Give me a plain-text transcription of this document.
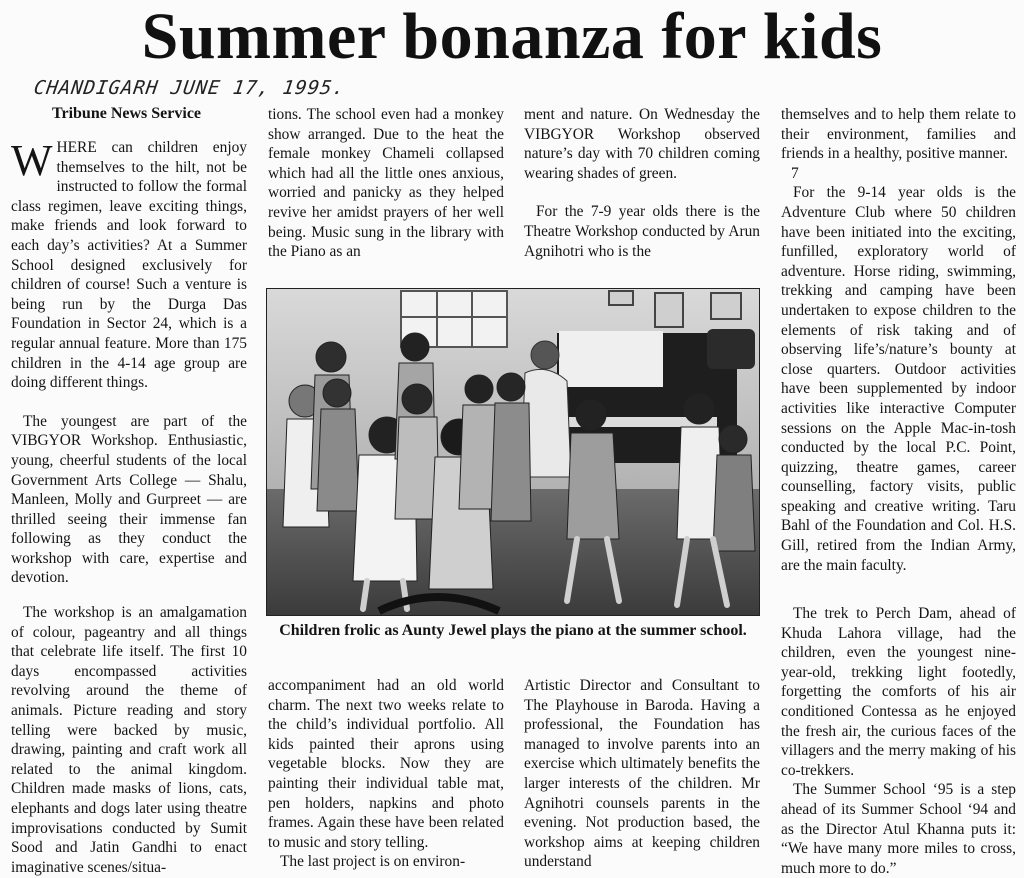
Summer bonanza for kids
CHANDIGARH JUNE 17, 1995.
Tribune News Service

WHERE can children enjoy themselves to the hilt, not be instructed to follow the formal class regimen, leave exciting things, make friends and look forward to each day’s activities? At a Summer School designed exclusively for children of course! Such a venture is being run by the Durga Das Foundation in Sector 24, which is a regular annual feature. More than 175 children in the 4-14 age group are doing different things.

The youngest are part of the VIBGYOR Workshop. Enthusiastic, young, cheerful students of the local Government Arts College — Shalu, Manleen, Molly and Gurpreet — are thrilled seeing their immense fan following as they conduct the workshop with care, expertise and devotion.

The workshop is an amalgamation of colour, pageantry and all things that celebrate life itself. The first 10 days encompassed activities revolving around the theme of animals. Picture reading and story telling were backed by music, drawing, painting and craft work all related to the animal kingdom. Children made masks of lions, cats, elephants and dogs later using theatre improvisations conducted by Sumit Sood and Jatin Gandhi to enact imaginative scenes/situa-

tions. The school even had a monkey show arranged. Due to the heat the female monkey Chameli collapsed which had all the little ones anxious, worried and panicky as they helped revive her amidst prayers of her well being. Music sung in the library with the Piano as an

ment and nature. On Wednesday the VIBGYOR Workshop observed nature’s day with 70 children coming wearing shades of green.

For the 7-9 year olds there is the Theatre Workshop conducted by Arun Agnihotri who is the

themselves and to help them relate to their environment, families and friends in a healthy, positive manner.

7

For the 9-14 year olds is the Adventure Club where 50 children have been initiated into the exciting, funfilled, exploratory world of adventure. Horse riding, swimming, trekking and camping have been undertaken to expose children to the elements of risk taking and of observing life’s/nature’s bounty at close quarters. Outdoor activities have been supplemented by indoor activities like interactive Computer sessions on the Apple Mac-in-tosh conducted by the local P.C. Point, quizzing, theatre games, career counselling, factory visits, public speaking and creative writing. Taru Bahl of the Foundation and Col. H.S. Gill, retired from the Indian Army, are the main faculty.

The trek to Perch Dam, ahead of Khuda Lahora village, had the children, even the youngest nine-year-old, trekking light footedly, forgetting the comforts of his air conditioned Contessa as he enjoyed the fresh air, the curious faces of the villagers and the merry making of his co-trekkers.

The Summer School ‘95 is a step ahead of its Summer School ‘94 and as the Director Atul Khanna puts it: “We have many more miles to cross, much more to do.”

Children frolic as Aunty Jewel plays the piano at the summer school.

accompaniment had an old world charm. The next two weeks relate to the child’s individual portfolio. All kids painted their aprons using vegetable blocks. Now they are painting their individual table mat, pen holders, napkins and photo frames. Again these have been related to music and story telling.

The last project is on environ-

Artistic Director and Consultant to The Playhouse in Baroda. Having a professional, the Foundation has managed to involve parents into an exercise which ultimately benefits the larger interests of the children. Mr Agnihotri counsels parents in the evening. Not production based, the workshop aims at keeping children understand
